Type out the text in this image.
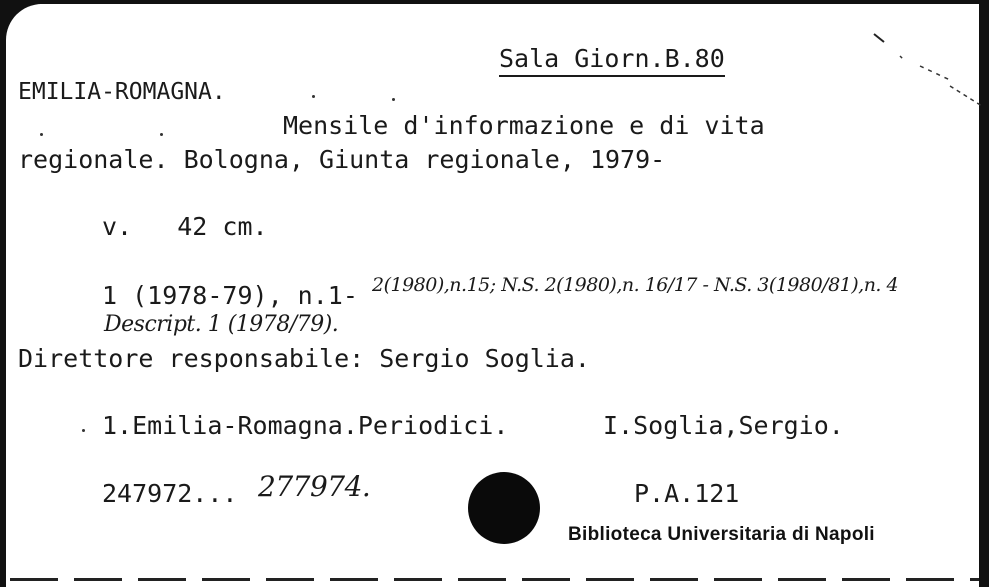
Sala Giorn.B.80
EMILIA-ROMAGNA.
Mensile d'informazione e di vita
regionale. Bologna, Giunta regionale, 1979-
v.   42 cm.
1 (1978-79), n.1- 2(1980),n.15; N.S. 2(1980),n. 16/17 - N.S. 3(1980/81),n. 4
Descript. 1 (1978/79).
Direttore responsabile: Sergio Soglia.
1.Emilia-Romagna.Periodici.	I.Soglia,Sergio.
247972... 277974.	P.A.121
Biblioteca Universitaria di Napoli
